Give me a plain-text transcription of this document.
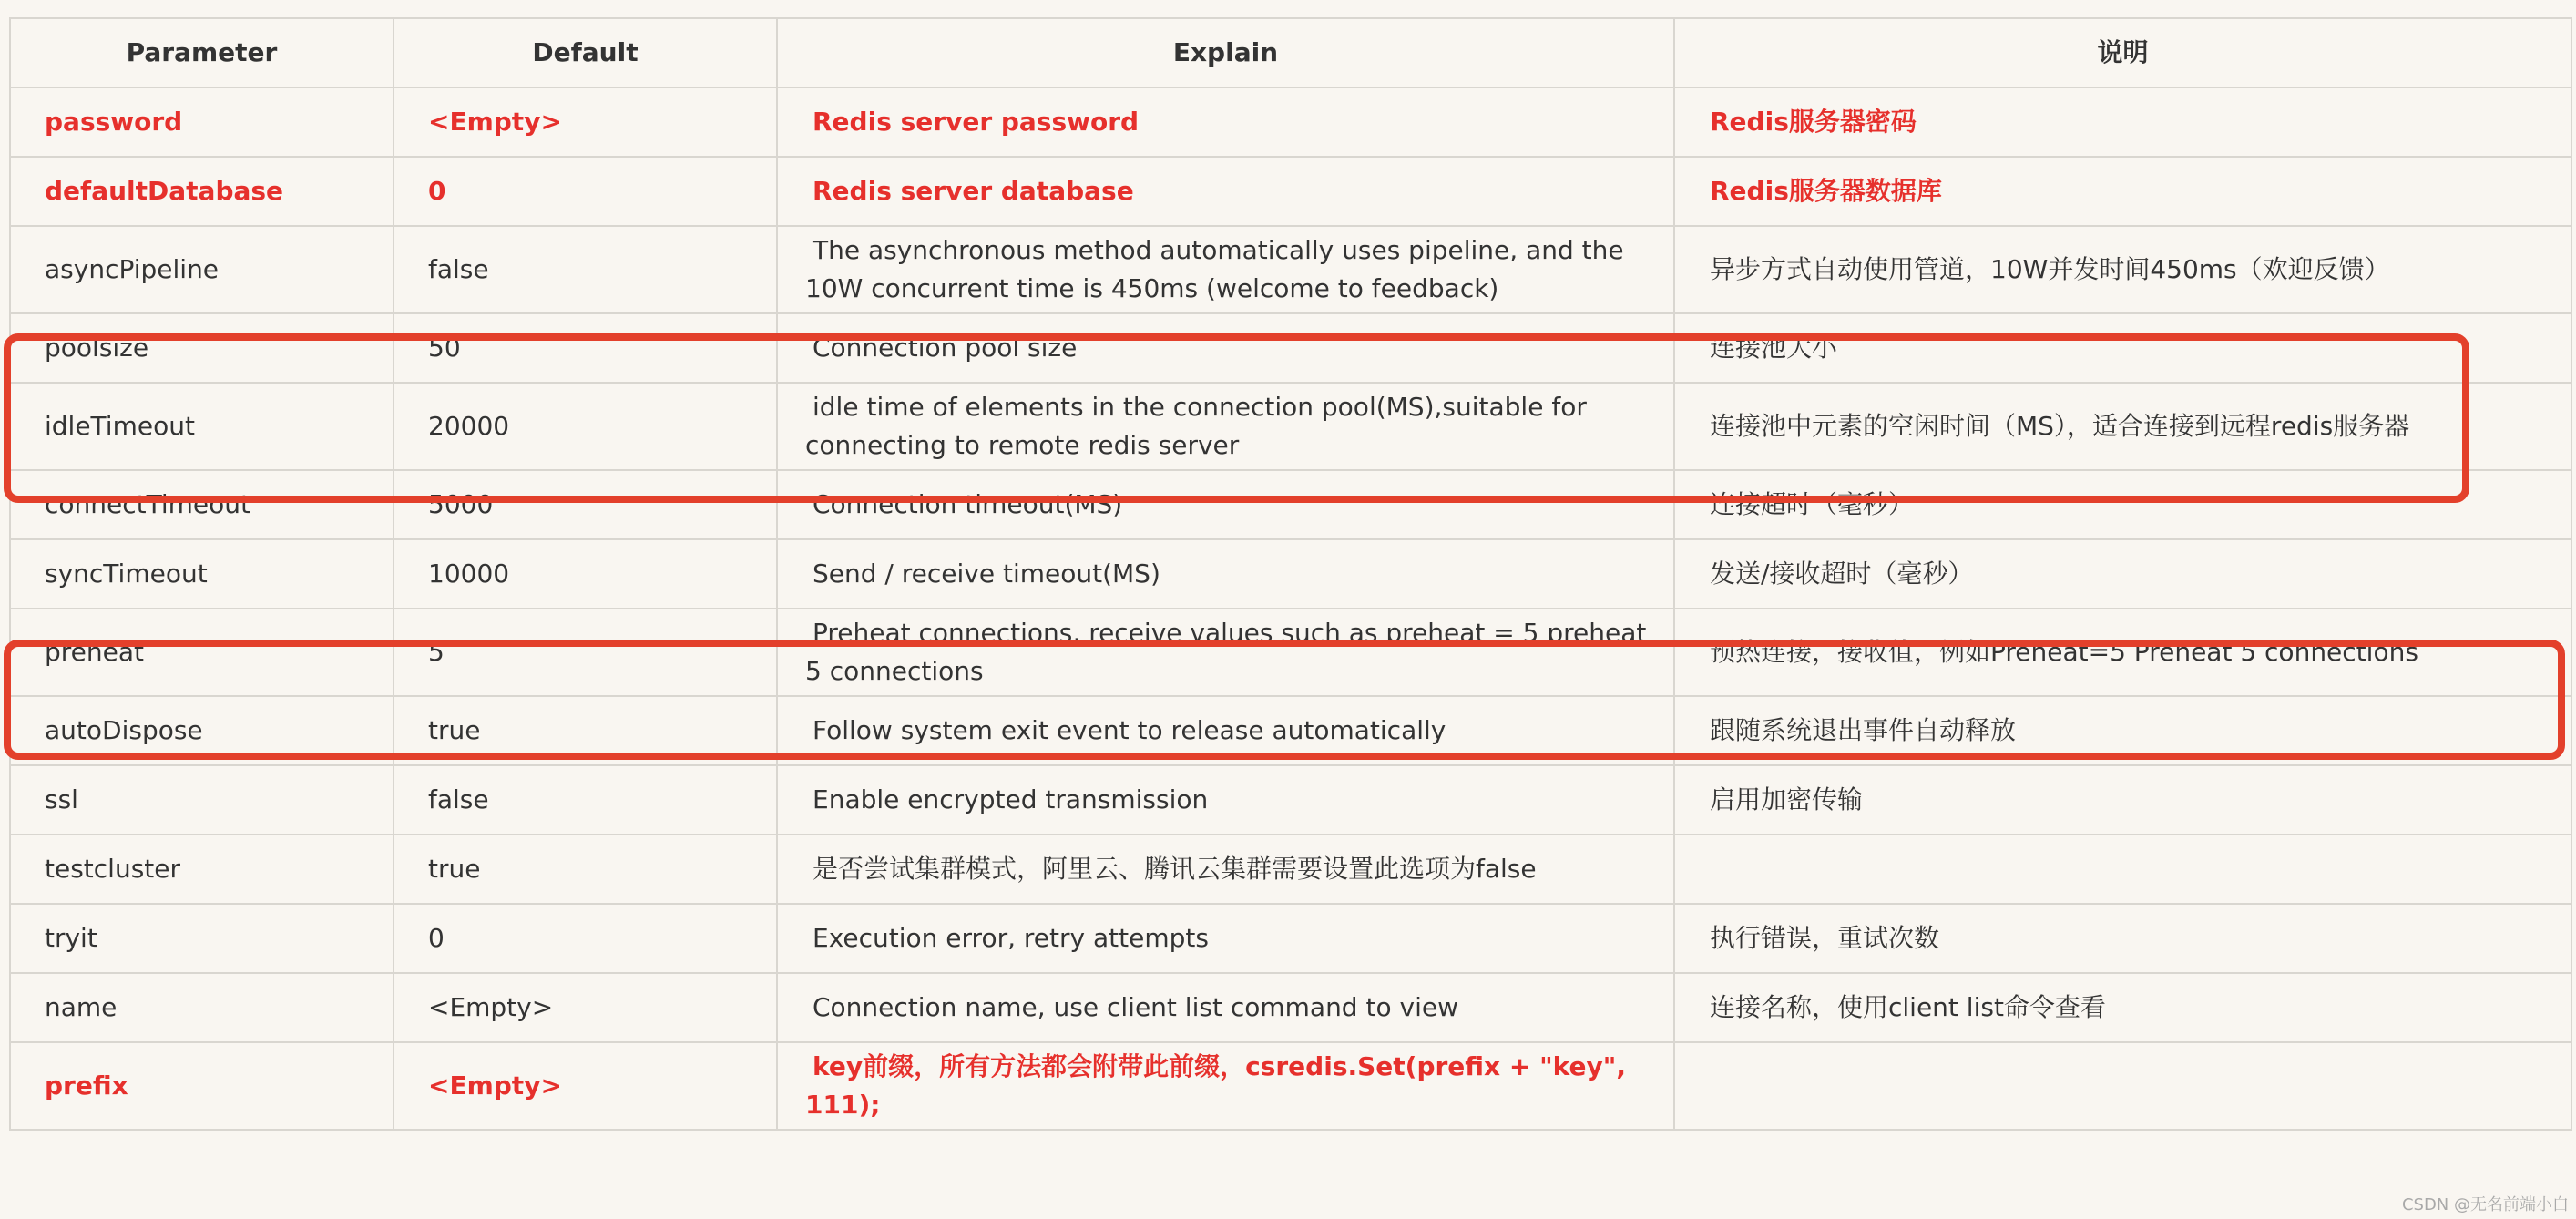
Parameter	Default	Explain	说明
password	<Empty>	Redis server password	Redis服务器密码
defaultDatabase	0	Redis server database	Redis服务器数据库
asyncPipeline	false	The asynchronous method automatically uses pipeline, and the 10W concurrent time is 450ms (welcome to feedback)	异步方式自动使用管道，10W并发时间450ms（欢迎反馈）
poolsize	50	Connection pool size	连接池大小
idleTimeout	20000	idle time of elements in the connection pool(MS),suitable for connecting to remote redis server	连接池中元素的空闲时间（MS），适合连接到远程redis服务器
connectTimeout	5000	Connection timeout(MS)	连接超时（毫秒）
syncTimeout	10000	Send / receive timeout(MS)	发送/接收超时（毫秒）
preheat	5	Preheat connections, receive values such as preheat = 5 preheat 5 connections	预热连接，接收值，例如Preheat=5 Preheat 5 connections
autoDispose	true	Follow system exit event to release automatically	跟随系统退出事件自动释放
ssl	false	Enable encrypted transmission	启用加密传输
testcluster	true	是否尝试集群模式，阿里云、腾讯云集群需要设置此选项为false	

tryit	0	Execution error, retry attempts	执行错误，重试次数
name	<Empty>	Connection name, use client list command to view	连接名称，使用client list命令查看
prefix	<Empty>	key前缀，所有方法都会附带此前缀，csredis.Set(prefix + "key", 111);	

CSDN @无名前端小白
